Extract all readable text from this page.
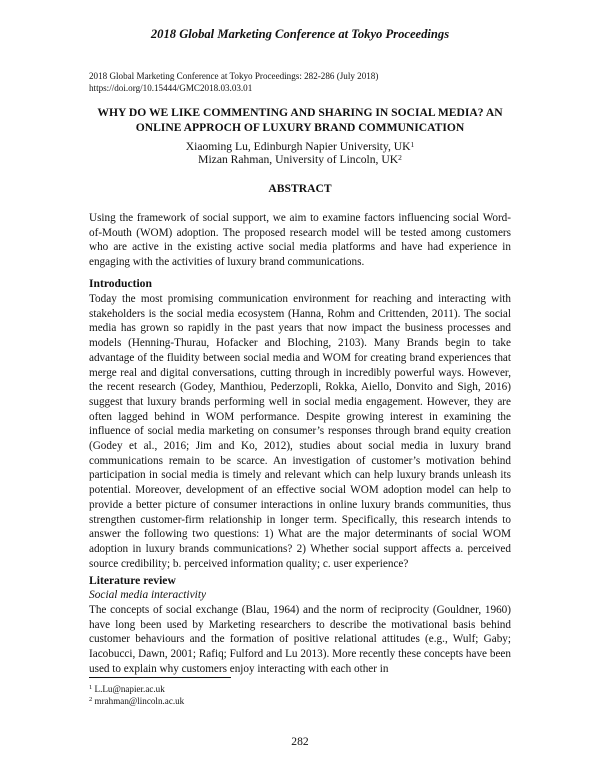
2018 Global Marketing Conference at Tokyo Proceedings
2018 Global Marketing Conference at Tokyo Proceedings: 282-286 (July 2018)
https://doi.org/10.15444/GMC2018.03.03.01
WHY DO WE LIKE COMMENTING AND SHARING IN SOCIAL MEDIA? AN
ONLINE APPROCH OF LUXURY BRAND COMMUNICATION
Xiaoming Lu, Edinburgh Napier University, $UK^1$
Mizan Rahman, University of Lincoln, $UK^2$
ABSTRACT
Using the framework of social support, we aim to examine factors influencing social Word-of-Mouth (WOM) adoption. The proposed research model will be tested among customers who are active in the existing active social media platforms and have had experience in engaging with the activities of luxury brand communications.
Introduction
Today the most promising communication environment for reaching and interacting with stakeholders is the social media ecosystem (Hanna, Rohm and Crittenden, 2011). The social media has grown so rapidly in the past years that now impact the business processes and models (Henning-Thurau, Hofacker and Bloching, 2103). Many Brands begin to take advantage of the fluidity between social media and WOM for creating brand experiences that merge real and digital conversations, cutting through in incredibly powerful ways. However, the recent research (Godey, Manthiou, Pederzopli, Rokka, Aiello, Donvito and Sigh, 2016) suggest that luxury brands performing well in social media engagement. However, they are often lagged behind in WOM performance. Despite growing interest in examining the influence of social media marketing on consumer’s responses through brand equity creation (Godey et al., 2016; Jim and Ko, 2012), studies about social media in luxury brand communications remain to be scarce. An investigation of customer’s motivation behind participation in social media is timely and relevant which can help luxury brands unleash its potential. Moreover, development of an effective social WOM adoption model can help to provide a better picture of consumer interactions in online luxury brands communities, thus strengthen customer-firm relationship in longer term. Specifically, this research intends to answer the following two questions: 1) What are the major determinants of social WOM adoption in luxury brands communications? 2) Whether social support affects a. perceived source credibility; b. perceived information quality; c. user experience?
Literature review
Social media interactivity
The concepts of social exchange (Blau, 1964) and the norm of reciprocity (Gouldner, 1960) have long been used by Marketing researchers to describe the motivational basis behind customer behaviours and the formation of positive relational attitudes (e.g., Wulf; Gaby; Iacobucci, Dawn, 2001; Rafiq; Fulford and Lu 2013). More recently these concepts have been used to explain why customers enjoy interacting with each other in
$^1$ L.Lu@napier.ac.uk
$^2$ mrahman@lincoln.ac.uk
282
